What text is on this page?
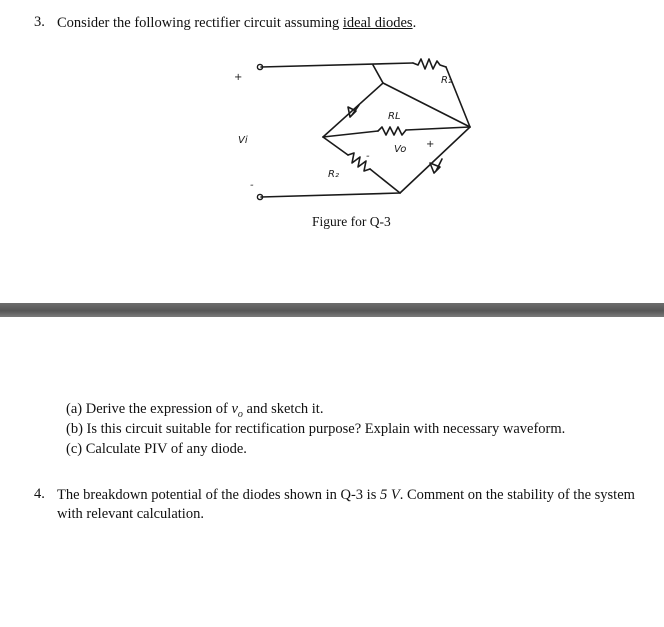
3. Consider the following rectifier circuit assuming ideal diodes.
+
Vi
-
R₂
RL
-
Vo +
R₂
Figure for Q-3
(a) Derive the expression of $v_o$ and sketch it.
(b) Is this circuit suitable for rectification purpose? Explain with necessary waveform.
(c) Calculate PIV of any diode.
4. The breakdown potential of the diodes shown in Q-3 is 5 V. Comment on the stability of the system
with relevant calculation.
